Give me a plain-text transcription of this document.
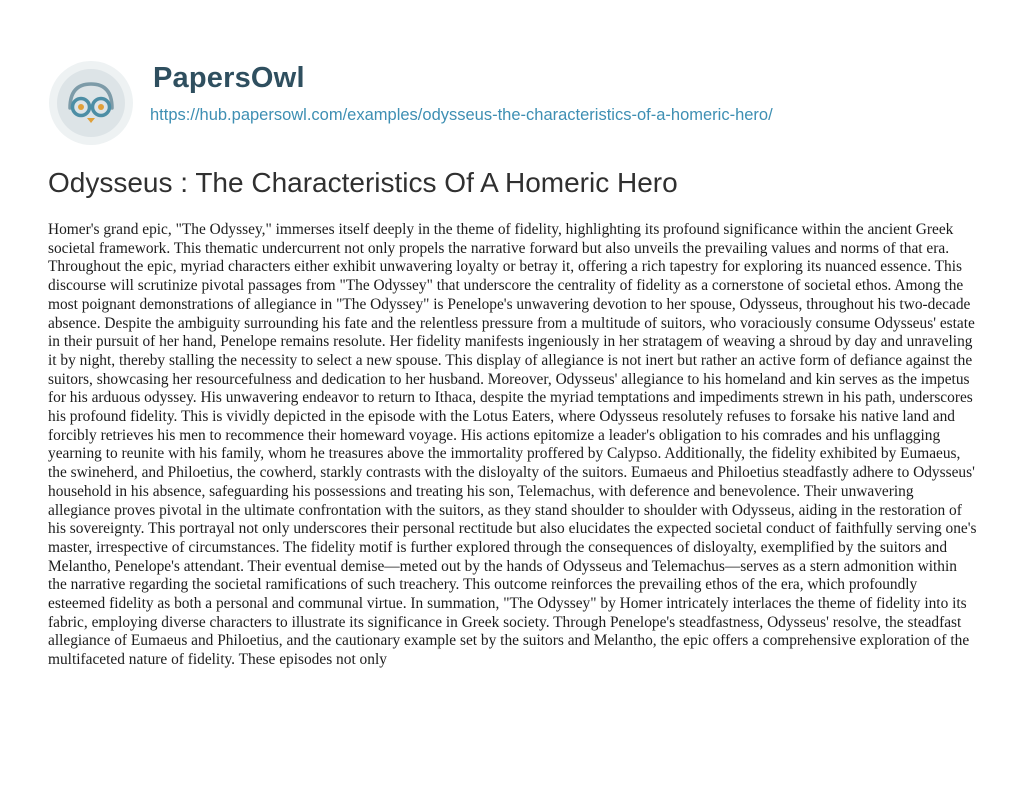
PapersOwl
https://hub.papersowl.com/examples/odysseus-the-characteristics-of-a-homeric-hero/
Odysseus : The Characteristics Of A Homeric Hero

Homer's grand epic, "The Odyssey," immerses itself deeply in the theme of fidelity, highlighting its profound significance within the ancient Greek societal framework. This thematic undercurrent not only propels the narrative forward but also unveils the prevailing values and norms of that era. Throughout the epic, myriad characters either exhibit unwavering loyalty or betray it, offering a rich tapestry for exploring its nuanced essence. This discourse will scrutinize pivotal passages from "The Odyssey" that underscore the centrality of fidelity as a cornerstone of societal ethos. Among the most poignant demonstrations of allegiance in "The Odyssey" is Penelope's unwavering devotion to her spouse, Odysseus, throughout his two-decade absence. Despite the ambiguity surrounding his fate and the relentless pressure from a multitude of suitors, who voraciously consume Odysseus' estate in their pursuit of her hand, Penelope remains resolute. Her fidelity manifests ingeniously in her stratagem of weaving a shroud by day and unraveling it by night, thereby stalling the necessity to select a new spouse. This display of allegiance is not inert but rather an active form of defiance against the suitors, showcasing her resourcefulness and dedication to her husband. Moreover, Odysseus' allegiance to his homeland and kin serves as the impetus for his arduous odyssey. His unwavering endeavor to return to Ithaca, despite the myriad temptations and impediments strewn in his path, underscores his profound fidelity. This is vividly depicted in the episode with the Lotus Eaters, where Odysseus resolutely refuses to forsake his native land and forcibly retrieves his men to recommence their homeward voyage. His actions epitomize a leader's obligation to his comrades and his unflagging yearning to reunite with his family, whom he treasures above the immortality proffered by Calypso. Additionally, the fidelity exhibited by Eumaeus, the swineherd, and Philoetius, the cowherd, starkly contrasts with the disloyalty of the suitors. Eumaeus and Philoetius steadfastly adhere to Odysseus' household in his absence, safeguarding his possessions and treating his son, Telemachus, with deference and benevolence. Their unwavering allegiance proves pivotal in the ultimate confrontation with the suitors, as they stand shoulder to shoulder with Odysseus, aiding in the restoration of his sovereignty. This portrayal not only underscores their personal rectitude but also elucidates the expected societal conduct of faithfully serving one's master, irrespective of circumstances. The fidelity motif is further explored through the consequences of disloyalty, exemplified by the suitors and Melantho, Penelope's attendant. Their eventual demise—meted out by the hands of Odysseus and Telemachus—serves as a stern admonition within the narrative regarding the societal ramifications of such treachery. This outcome reinforces the prevailing ethos of the era, which profoundly esteemed fidelity as both a personal and communal virtue. In summation, "The Odyssey" by Homer intricately interlaces the theme of fidelity into its fabric, employing diverse characters to illustrate its significance in Greek society. Through Penelope's steadfastness, Odysseus' resolve, the steadfast allegiance of Eumaeus and Philoetius, and the cautionary example set by the suitors and Melantho, the epic offers a comprehensive exploration of the multifaceted nature of fidelity. These episodes not only
